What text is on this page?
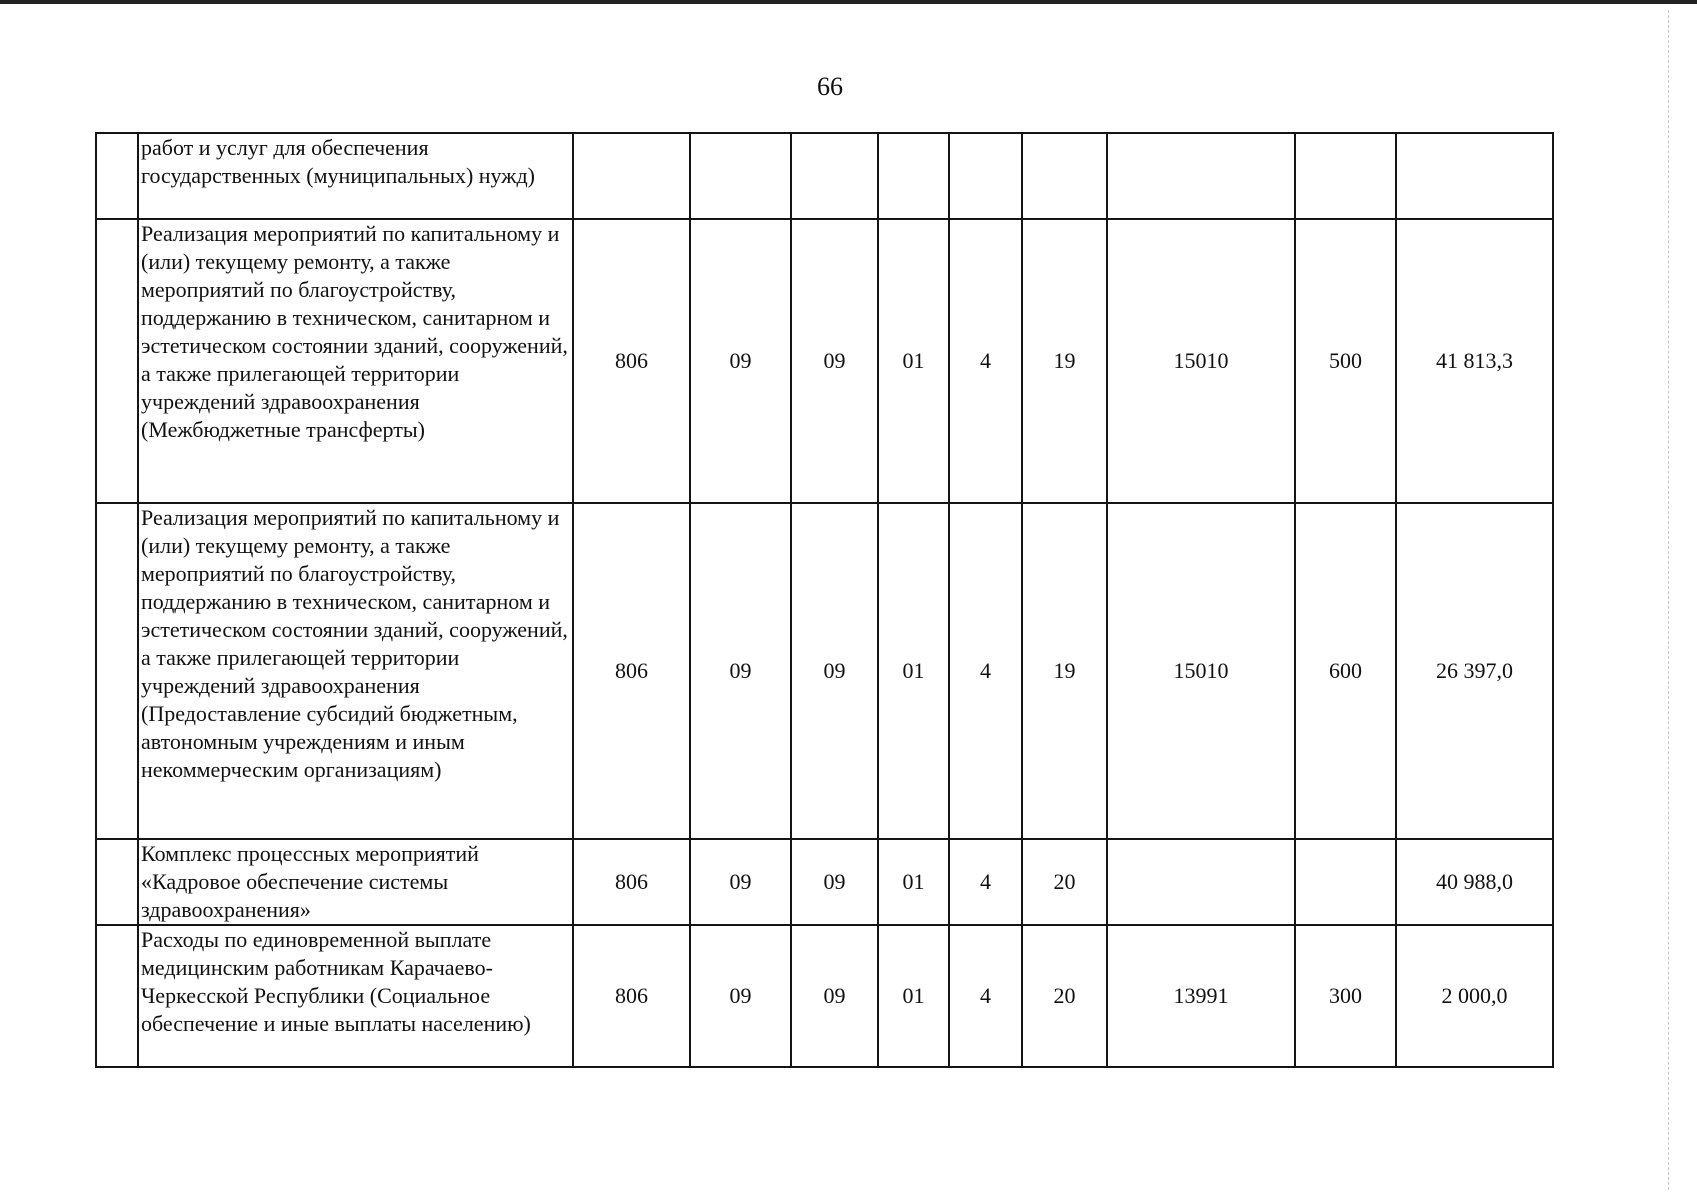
66
	работ и услуг для обеспечения государственных (муниципальных) нужд)									
	Реализация мероприятий по капитальному и (или) текущему ремонту, а также мероприятий по благоустройству, поддержанию в техническом, санитарном и эстетическом состоянии зданий, сооружений, а также прилегающей территории учреждений здравоохранения (Межбюджетные трансферты)	806	09	09	01	4	19	15010	500	41 813,3
	Реализация мероприятий по капитальному и (или) текущему ремонту, а также мероприятий по благоустройству, поддержанию в техническом, санитарном и эстетическом состоянии зданий, сооружений, а также прилегающей территории учреждений здравоохранения (Предоставление субсидий бюджетным, автономным учреждениям и иным некоммерческим организациям)	806	09	09	01	4	19	15010	600	26 397,0
	Комплекс процессных мероприятий «Кадровое обеспечение системы здравоохранения»	806	09	09	01	4	20			40 988,0
	Расходы по единовременной выплате медицинским работникам Карачаево-Черкесской Республики (Социальное обеспечение и иные выплаты населению)	806	09	09	01	4	20	13991	300	2 000,0
